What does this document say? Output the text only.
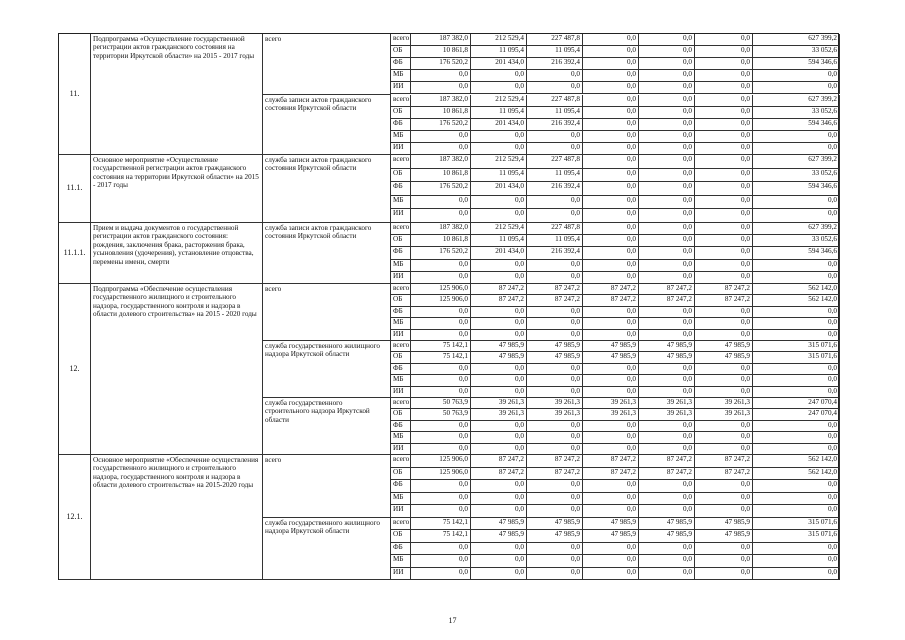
11.
Подпрограмма «Осуществление государственной регистрации актов гражданского состояния на территории Иркутской области» на 2015 - 2017 годы
всего	всего	187 382,0	212 529,4	227 487,8	0,0	0,0	0,0	627 399,2
ОБ	10 861,8	11 095,4	11 095,4	0,0	0,0	0,0	33 052,6
ФБ	176 520,2	201 434,0	216 392,4	0,0	0,0	0,0	594 346,6
МБ	0,0	0,0	0,0	0,0	0,0	0,0	0,0
ИИ	0,0	0,0	0,0	0,0	0,0	0,0	0,0
служба записи актов гражданского состояния Иркутской области
всего	187 382,0	212 529,4	227 487,8	0,0	0,0	0,0	627 399,2
ОБ	10 861,8	11 095,4	11 095,4	0,0	0,0	0,0	33 052,6
ФБ	176 520,2	201 434,0	216 392,4	0,0	0,0	0,0	594 346,6
МБ	0,0	0,0	0,0	0,0	0,0	0,0	0,0
ИИ	0,0	0,0	0,0	0,0	0,0	0,0	0,0
11.1.
Основное мероприятие «Осуществление государственной регистрации актов гражданского состояния на территории Иркутской области» на 2015 - 2017 годы
служба записи актов гражданского состояния Иркутской области
всего	187 382,0	212 529,4	227 487,8	0,0	0,0	0,0	627 399,2
ОБ	10 861,8	11 095,4	11 095,4	0,0	0,0	0,0	33 052,6
ФБ	176 520,2	201 434,0	216 392,4	0,0	0,0	0,0	594 346,6
МБ	0,0	0,0	0,0	0,0	0,0	0,0	0,0
ИИ	0,0	0,0	0,0	0,0	0,0	0,0	0,0
11.1.1.
Прием и выдача документов о государственной регистрации актов гражданского состояния: рождения, заключения брака, расторжения брака, усыновления (удочерения), установление отцовства, перемены имени, смерти
служба записи актов гражданского состояния Иркутской области
всего	187 382,0	212 529,4	227 487,8	0,0	0,0	0,0	627 399,2
ОБ	10 861,8	11 095,4	11 095,4	0,0	0,0	0,0	33 052,6
ФБ	176 520,2	201 434,0	216 392,4	0,0	0,0	0,0	594 346,6
МБ	0,0	0,0	0,0	0,0	0,0	0,0	0,0
ИИ	0,0	0,0	0,0	0,0	0,0	0,0	0,0
12.
Подпрограмма «Обеспечение осуществления государственного жилищного и строительного надзора, государственного контроля и надзора в области долевого строительства» на 2015 - 2020 годы
всего	всего	125 906,0	87 247,2	87 247,2	87 247,2	87 247,2	87 247,2	562 142,0
ОБ	125 906,0	87 247,2	87 247,2	87 247,2	87 247,2	87 247,2	562 142,0
ФБ	0,0	0,0	0,0	0,0	0,0	0,0	0,0
МБ	0,0	0,0	0,0	0,0	0,0	0,0	0,0
ИИ	0,0	0,0	0,0	0,0	0,0	0,0	0,0
служба государственного жилищного надзора Иркутской области
всего	75 142,1	47 985,9	47 985,9	47 985,9	47 985,9	47 985,9	315 071,6
ОБ	75 142,1	47 985,9	47 985,9	47 985,9	47 985,9	47 985,9	315 071,6
ФБ	0,0	0,0	0,0	0,0	0,0	0,0	0,0
МБ	0,0	0,0	0,0	0,0	0,0	0,0	0,0
ИИ	0,0	0,0	0,0	0,0	0,0	0,0	0,0
служба государственного строительного надзора Иркутской области
всего	50 763,9	39 261,3	39 261,3	39 261,3	39 261,3	39 261,3	247 070,4
ОБ	50 763,9	39 261,3	39 261,3	39 261,3	39 261,3	39 261,3	247 070,4
ФБ	0,0	0,0	0,0	0,0	0,0	0,0	0,0
МБ	0,0	0,0	0,0	0,0	0,0	0,0	0,0
ИИ	0,0	0,0	0,0	0,0	0,0	0,0	0,0
12.1.
Основное мероприятие «Обеспечение осуществления государственного жилищного и строительного надзора, государственного контроля и надзора в области долевого строительства» на 2015-2020 годы
всего	всего	125 906,0	87 247,2	87 247,2	87 247,2	87 247,2	87 247,2	562 142,0
ОБ	125 906,0	87 247,2	87 247,2	87 247,2	87 247,2	87 247,2	562 142,0
ФБ	0,0	0,0	0,0	0,0	0,0	0,0	0,0
МБ	0,0	0,0	0,0	0,0	0,0	0,0	0,0
ИИ	0,0	0,0	0,0	0,0	0,0	0,0	0,0
служба государственного жилищного надзора Иркутской области
всего	75 142,1	47 985,9	47 985,9	47 985,9	47 985,9	47 985,9	315 071,6
ОБ	75 142,1	47 985,9	47 985,9	47 985,9	47 985,9	47 985,9	315 071,6
ФБ	0,0	0,0	0,0	0,0	0,0	0,0	0,0
МБ	0,0	0,0	0,0	0,0	0,0	0,0	0,0
ИИ	0,0	0,0	0,0	0,0	0,0	0,0	0,0
17
